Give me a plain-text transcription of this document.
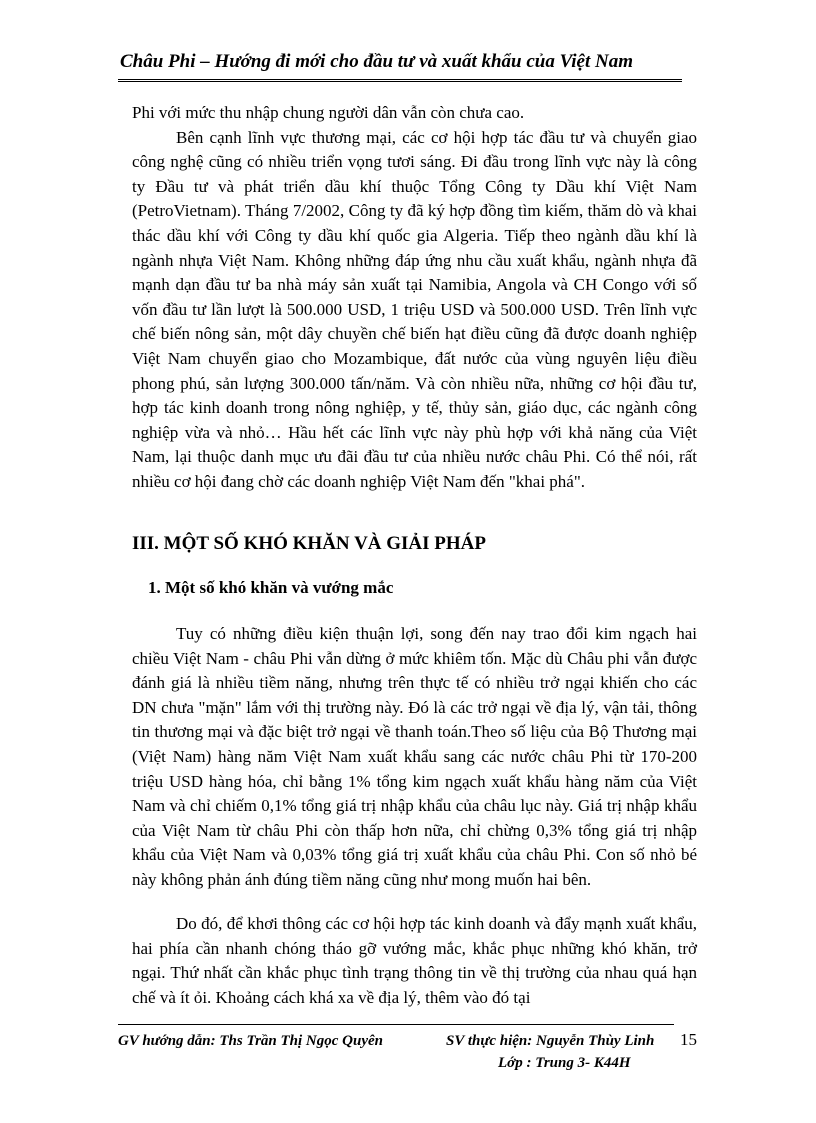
Châu Phi – Hướng đi mới cho đầu tư và xuất khẩu của Việt Nam

Phi với mức thu nhập chung người dân vẫn còn chưa cao.

Bên cạnh lĩnh vực thương mại, các cơ hội hợp tác đầu tư và chuyển giao công nghệ cũng có nhiều triển vọng tươi sáng. Đi đầu trong lĩnh vực này là công ty Đầu tư và phát triển dầu khí thuộc Tổng Công ty Dầu khí Việt Nam (PetroVietnam). Tháng 7/2002, Công ty đã ký hợp đồng tìm kiếm, thăm dò và khai thác dầu khí với Công ty dầu khí quốc gia Algeria. Tiếp theo ngành dầu khí là ngành nhựa Việt Nam. Không những đáp ứng nhu cầu xuất khẩu, ngành nhựa đã mạnh dạn đầu tư ba nhà máy sản xuất tại Namibia, Angola và CH Congo với số vốn đầu tư lần lượt là 500.000 USD, 1 triệu USD và 500.000 USD. Trên lĩnh vực chế biến nông sản, một dây chuyền chế biến hạt điều cũng đã được doanh nghiệp Việt Nam chuyển giao cho Mozambique, đất nước của vùng nguyên liệu điều phong phú, sản lượng 300.000 tấn/năm. Và còn nhiều nữa, những cơ hội đầu tư, hợp tác kinh doanh trong nông nghiệp, y tế, thủy sản, giáo dục, các ngành công nghiệp vừa và nhỏ… Hầu hết các lĩnh vực này phù hợp với khả năng của Việt Nam, lại thuộc danh mục ưu đãi đầu tư của nhiều nước châu Phi. Có thể nói, rất nhiều cơ hội đang chờ các doanh nghiệp Việt Nam đến "khai phá".

III. MỘT SỐ KHÓ KHĂN VÀ GIẢI PHÁP
1. Một số khó khăn và vướng mắc
Tuy có những điều kiện thuận lợi, song đến nay trao đổi kim ngạch hai chiều Việt Nam - châu Phi vẫn dừng ở mức khiêm tốn. Mặc dù Châu phi vẫn được đánh giá là nhiều tiềm năng, nhưng trên thực tế có nhiều trở ngại khiến cho các DN chưa "mặn" lắm với thị trường này. Đó là các trở ngại về địa lý, vận tải, thông tin thương mại và đặc biệt trở ngại về thanh toán.Theo số liệu của Bộ Thương mại (Việt Nam) hàng năm Việt Nam xuất khẩu sang các nước châu Phi từ 170-200 triệu USD hàng hóa, chỉ bằng 1% tổng kim ngạch xuất khẩu hàng năm của Việt Nam và chỉ chiếm 0,1% tổng giá trị nhập khẩu của châu lục này. Giá trị nhập khẩu của Việt Nam từ châu Phi còn thấp hơn nữa, chỉ chừng 0,3% tổng giá trị nhập khẩu của Việt Nam và 0,03% tổng giá trị xuất khẩu của châu Phi. Con số nhỏ bé này không phản ánh đúng tiềm năng cũng như mong muốn hai bên.
Do đó, để khơi thông các cơ hội hợp tác kinh doanh và đẩy mạnh xuất khẩu, hai phía cần nhanh chóng tháo gỡ vướng mắc, khắc phục những khó khăn, trở ngại. Thứ nhất cần khắc phục tình trạng thông tin về thị trường của nhau quá hạn chế và ít ỏi. Khoảng cách khá xa về địa lý, thêm vào đó tại
GV hướng dẫn: Ths Trần Thị Ngọc Quyên	SV thực hiện: Nguyễn Thùy Linh
Lớp : Trung 3- K44H
15
